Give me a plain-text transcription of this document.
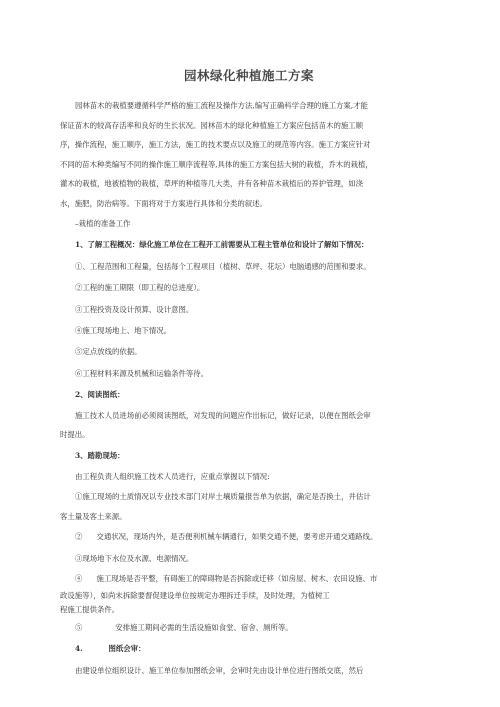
园林绿化种植施工方案

园林苗木的栽植要遵循科学严格的施工流程及操作方法,编写正确科学合理的施工方案,才能

保证苗木的较高存活率和良好的生长状况。园林苗木的绿化种植施工方案应包括苗木的施工顺

序，操作流程，施工顺序，施工方法，施工的技术要点以及施工的规范等内容。施工方案应针对

不同的苗木种类编写不同的操作施工顺序流程等,具体的施工方案包括大树的栽植，乔木的栽植，

灌木的栽植，地被植物的栽植，草坪的种植等几大类，并有各种苗木栽植后的养护管理，如浇

水，施肥，防治病等。下面将对于方案进行具体和分类的叙述。

–栽植的准备工作

1、了解工程概况：绿化施工单位在工程开工前需要从工程主管单位和设计了解如下情况：

①、工程范围和工程量，包括每个工程项目（植树、草坪、花坛）电脑通感的范围和要求。

②工程的施工期限（即工程的总进度）。

③工程投资及设计预算、设计意图。

④施工现场地上、地下情况。

⑤定点放线的依据。

⑥工程材料来源及机械和运输条件等待。

2、阅读图纸：

施工技术人员进场前必须阅读图纸，对发现的问题应作出标记，做好记录，以便在图纸会审

时提出。

3、踏勘现场：

由工程负责人组织施工技术人员进行，应重点掌握以下情况:

①施工现场的土质情况以专业技术部门对岸土壤质量报告单为依据，确定是否换土，并估计

客土量及客土来源。

②      交通状况，现场内外，是否便利机械车辆通行，如果交通不便，要考虑开通交通路线。

③现场地下水位及水源、电源情况。

④      施工现场是否平整，有碍施工的障碍物是否拆除或迁移（如房屋、树木、农田设施、市

政设施等），如尚未拆除要督促建设单位按规定办理拆迁手续，及时处理，为植树工

程施工提供条件。

⑤              安排施工期间必需的生活设施如食堂、宿舍、厕所等。

4.          图纸会审：

由建设单位组织设计、施工单位参加图纸会审，会审时先由设计单位进行图纸交底，然后
